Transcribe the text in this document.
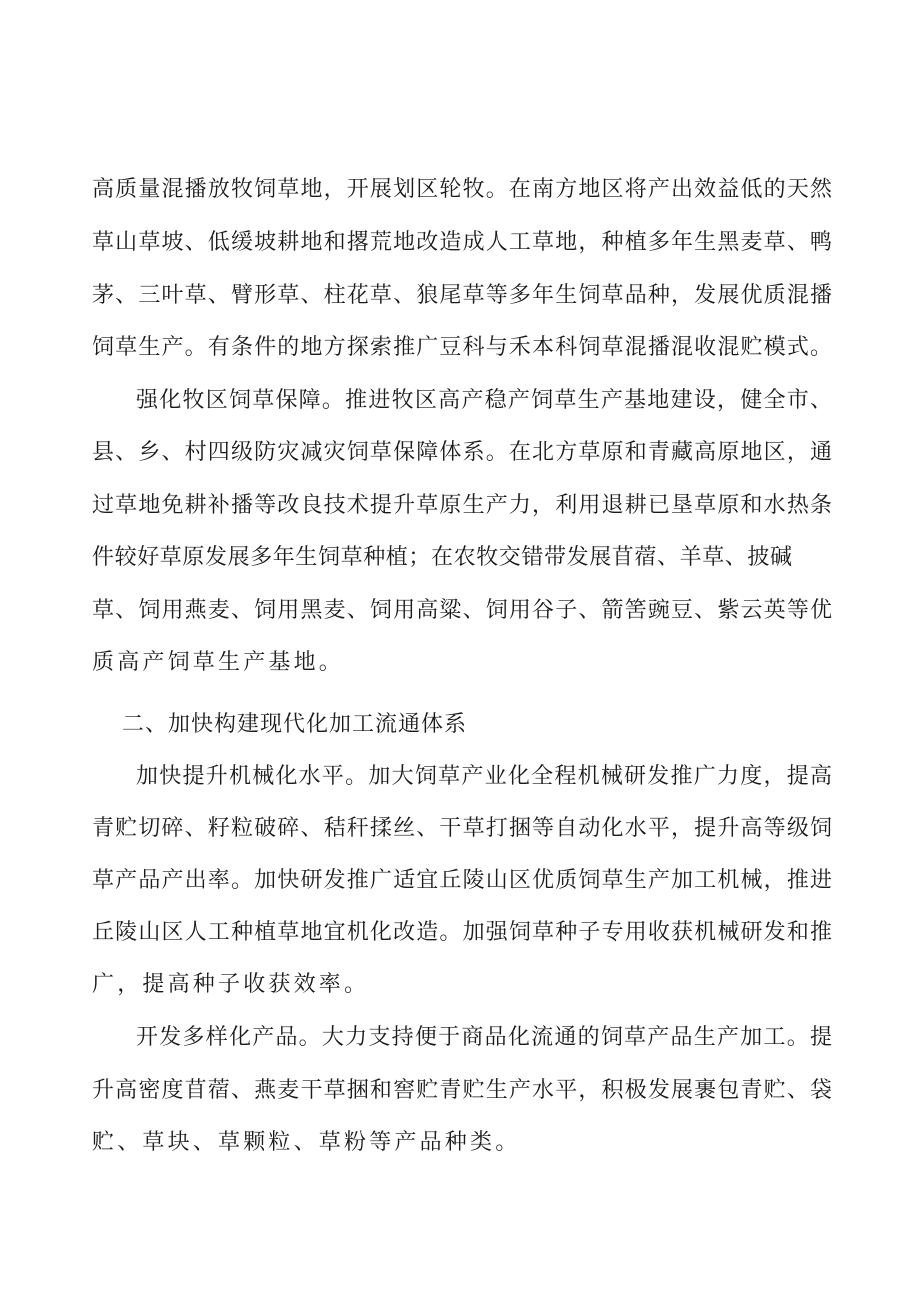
高质量混播放牧饲草地，开展划区轮牧。在南方地区将产出效益低的天然
草山草坡、低缓坡耕地和撂荒地改造成人工草地，种植多年生黑麦草、鸭
茅、三叶草、臂形草、柱花草、狼尾草等多年生饲草品种，发展优质混播
饲草生产。有条件的地方探索推广豆科与禾本科饲草混播混收混贮模式。
强化牧区饲草保障。推进牧区高产稳产饲草生产基地建设，健全市、
县、乡、村四级防灾减灾饲草保障体系。在北方草原和青藏高原地区，通
过草地免耕补播等改良技术提升草原生产力，利用退耕已垦草原和水热条
件较好草原发展多年生饲草种植；在农牧交错带发展苜蓿、羊草、披碱
草、饲用燕麦、饲用黑麦、饲用高粱、饲用谷子、箭筈豌豆、紫云英等优
质高产饲草生产基地。
二、加快构建现代化加工流通体系
加快提升机械化水平。加大饲草产业化全程机械研发推广力度，提高
青贮切碎、籽粒破碎、秸秆揉丝、干草打捆等自动化水平，提升高等级饲
草产品产出率。加快研发推广适宜丘陵山区优质饲草生产加工机械，推进
丘陵山区人工种植草地宜机化改造。加强饲草种子专用收获机械研发和推
广，提高种子收获效率。
开发多样化产品。大力支持便于商品化流通的饲草产品生产加工。提
升高密度苜蓿、燕麦干草捆和窖贮青贮生产水平，积极发展裹包青贮、袋
贮、草块、草颗粒、草粉等产品种类。
